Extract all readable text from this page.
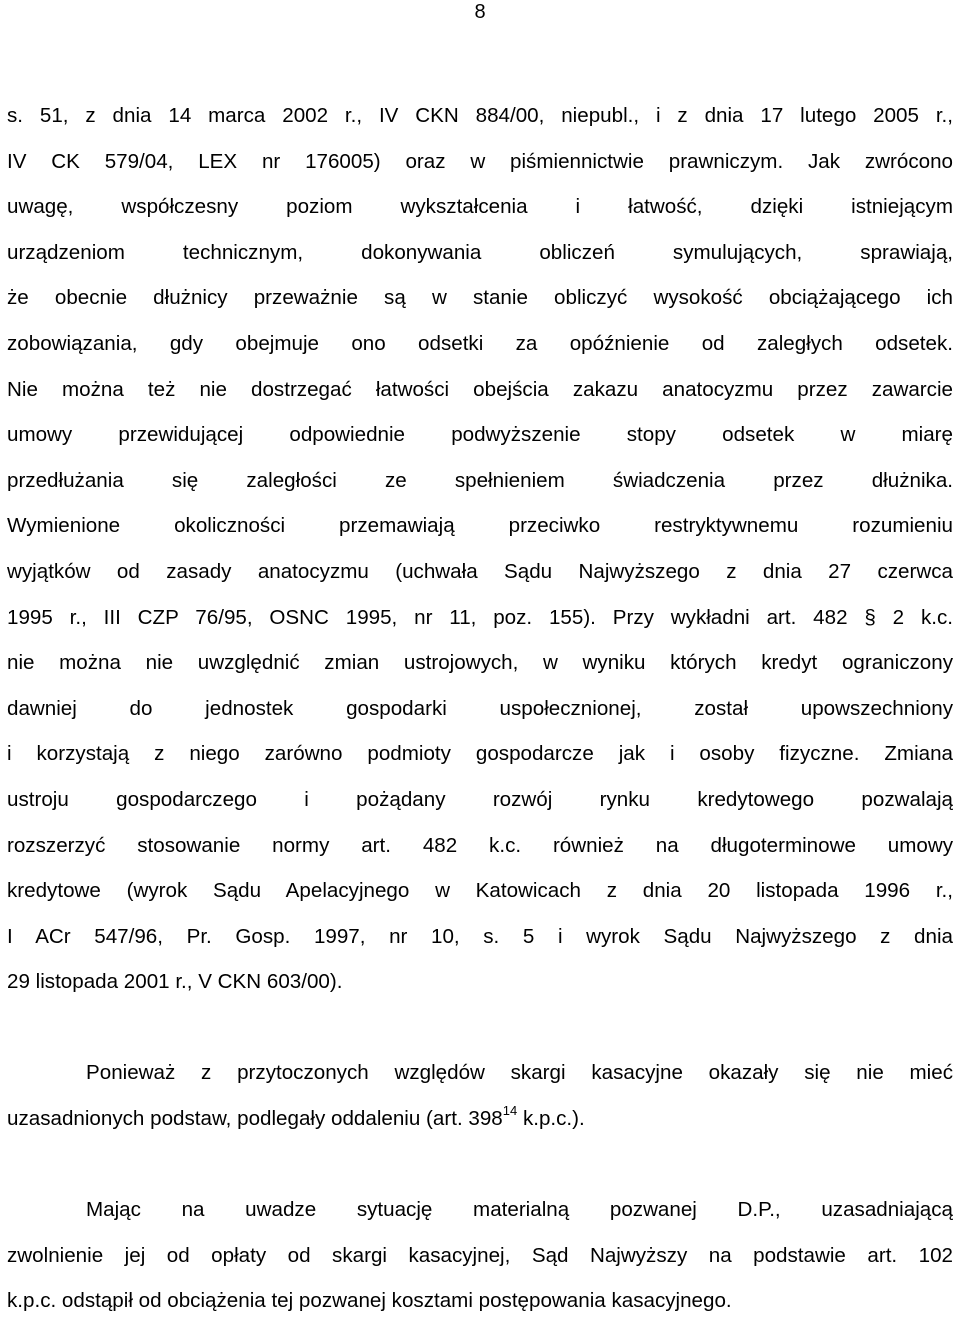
8
s. 51, z dnia 14 marca 2002 r., IV CKN 884/00, niepubl., i z dnia 17 lutego 2005 r.,
IV CK 579/04, LEX nr 176005) oraz w piśmiennictwie prawniczym. Jak zwrócono
uwagę, współczesny poziom wykształcenia i łatwość, dzięki istniejącym
urządzeniom technicznym, dokonywania obliczeń symulujących, sprawiają,
że obecnie dłużnicy przeważnie są w stanie obliczyć wysokość obciążającego ich
zobowiązania, gdy obejmuje ono odsetki za opóźnienie od zaległych odsetek.
Nie można też nie dostrzegać łatwości obejścia zakazu anatocyzmu przez zawarcie
umowy przewidującej odpowiednie podwyższenie stopy odsetek w miarę
przedłużania się zaległości ze spełnieniem świadczenia przez dłużnika.
Wymienione okoliczności przemawiają przeciwko restryktywnemu rozumieniu
wyjątków od zasady anatocyzmu (uchwała Sądu Najwyższego z dnia 27 czerwca
1995 r., III CZP 76/95, OSNC 1995, nr 11, poz. 155). Przy wykładni art. 482 § 2 k.c.
nie można nie uwzględnić zmian ustrojowych, w wyniku których kredyt ograniczony
dawniej do jednostek gospodarki uspołecznionej, został upowszechniony
i korzystają z niego zarówno podmioty gospodarcze jak i osoby fizyczne. Zmiana
ustroju gospodarczego i pożądany rozwój rynku kredytowego pozwalają
rozszerzyć stosowanie normy art. 482 k.c. również na długoterminowe umowy
kredytowe (wyrok Sądu Apelacyjnego w Katowicach z dnia 20 listopada 1996 r.,
I ACr 547/96, Pr. Gosp. 1997, nr 10, s. 5 i wyrok Sądu Najwyższego z dnia
29 listopada 2001 r., V CKN 603/00).
Ponieważ z przytoczonych względów skargi kasacyjne okazały się nie mieć
uzasadnionych podstaw, podlegały oddaleniu (art. $398^{14}$ k.p.c.).
Mając na uwadze sytuację materialną pozwanej D.P., uzasadniającą
zwolnienie jej od opłaty od skargi kasacyjnej, Sąd Najwyższy na podstawie art. 102
k.p.c. odstąpił od obciążenia tej pozwanej kosztami postępowania kasacyjnego.
